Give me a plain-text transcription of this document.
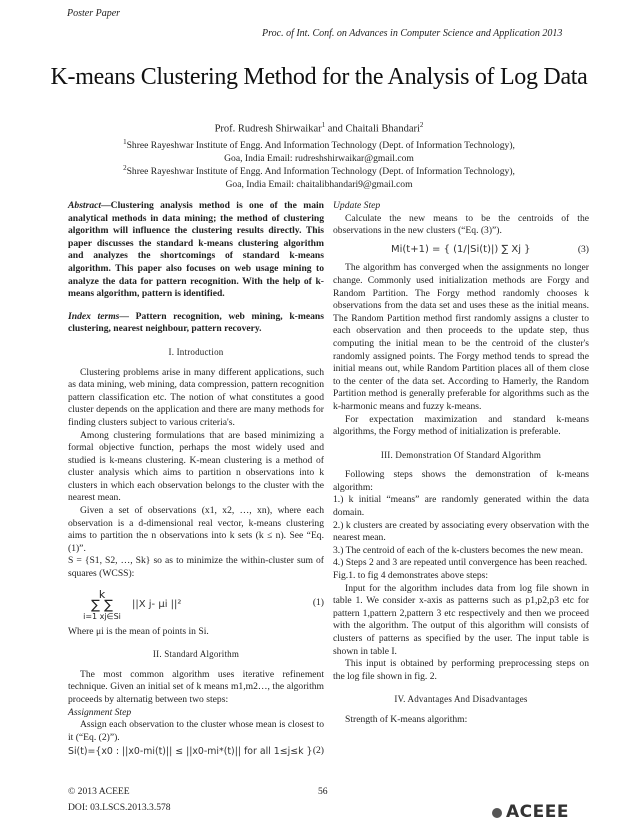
Poster Paper
Proc. of Int. Conf. on Advances in Computer Science and Application 2013
K-means Clustering Method for the Analysis of Log Data
Prof. Rudresh Shirwaikar$^1$ and Chaitali Bhandari$^2$
$^1$Shree Rayeshwar Institute of Engg. And Information Technology (Dept. of Information Technology),
Goa, India Email: rudreshshirwaikar@gmail.com
$^2$Shree Rayeshwar Institute of Engg. And Information Technology (Dept. of Information Technology),
Goa, India Email: chaitalibhandari9@gmail.com

Abstract—Clustering analysis method is one of the main analytical methods in data mining; the method of clustering algorithm will influence the clustering results directly. This paper discusses the standard k-means clustering algorithm and analyzes the shortcomings of standard k-means algorithm. This paper also focuses on web usage mining to analyze the data for pattern recognition. With the help of k-means algorithm, pattern is identified.

Index terms— Pattern recognition, web mining, k-means clustering, nearest neighbour, pattern recovery.

I. Introduction

Clustering problems arise in many different applications, such as data mining, web mining, data compression, pattern recognition pattern classification etc. The notion of what constitutes a good cluster depends on the application and there are many methods for finding clusters subject to various criteria's.

Among clustering formulations that are based minimizing a formal objective function, perhaps the most widely used and studied is k-means clustering. K-mean clustering is a method of cluster analysis which aims to partition n observations into k clusters in which each observation belongs to the cluster with the nearest mean.

Given a set of observations (x1, x2, …, xn), where each observation is a d-dimensional real vector, k-means clustering aims to partition the n observations into k sets (k ≤ n). See “Eq. (1)”.

S = {S1, S2, …, Sk} so as to minimize the within-cluster sum of squares (WCSS):

k
∑ ∑
i=1 xj∈Si
||X j- μi ||²	(1)

Where μi is the mean of points in Si.

II. Standard Algorithm

The most common algorithm uses iterative refinement technique. Given an initial set of k means m1,m2…, the algorithm proceeds by alternatig between two steps:

Assignment Step

Assign each observation to the cluster whose mean is closest to it (“Eq. (2)”).

(2)
Si(t)={x0 : ||x0-mi(t)|| ≤ ||x0-mi*(t)|| for all 1≤j≤k }

Update Step

Calculate the new means to be the centroids of the observations in the new clusters (“Eq. (3)”).

Mi(t+1) = { (1/|Si(t)|) ∑ Xj }	(3)

The algorithm has converged when the assignments no longer change. Commonly used initialization methods are Forgy and Random Partition. The Forgy method randomly chooses k observations from the data set and uses these as the initial means. The Random Partition method first randomly assigns a cluster to each observation and then proceeds to the update step, thus computing the initial mean to be the centroid of the cluster's randomly assigned points. The Forgy method tends to spread the initial means out, while Random Partition places all of them close to the center of the data set. According to Hamerly, the Random Partition method is generally preferable for algorithms such as the k-harmonic means and fuzzy k-means.

For expectation maximization and standard k-means algorithms, the Forgy method of initialization is preferable.

III. Demonstration Of Standard Algorithm

Following steps shows the demonstration of k-means algorithm:

1.) k initial “means” are randomly generated within the data domain.

2.) k clusters are created by associating every observation with the nearest mean.

3.) The centroid of each of the k-clusters becomes the new mean.

4.) Steps 2 and 3 are repeated until convergence has been reached.

Fig.1. to fig 4 demonstrates above steps:

Input for the algorithm includes data from log file shown in table 1. We consider x-axis as patterns such as p1,p2,p3 etc for pattern 1,pattern 2,pattern 3 etc respectively and then we proceed with the algorithm. The output of this algorithm will consists of clusters of patterns as specified by the user. The input table is shown in table I.

This input is obtained by performing preprocessing steps on the log file shown in fig. 2.

IV. Advantages And Disadvantages

Strength of K-means algorithm:

© 2013 ACEEE
DOI: 03.LSCS.2013.3.578
56
ACEEE
